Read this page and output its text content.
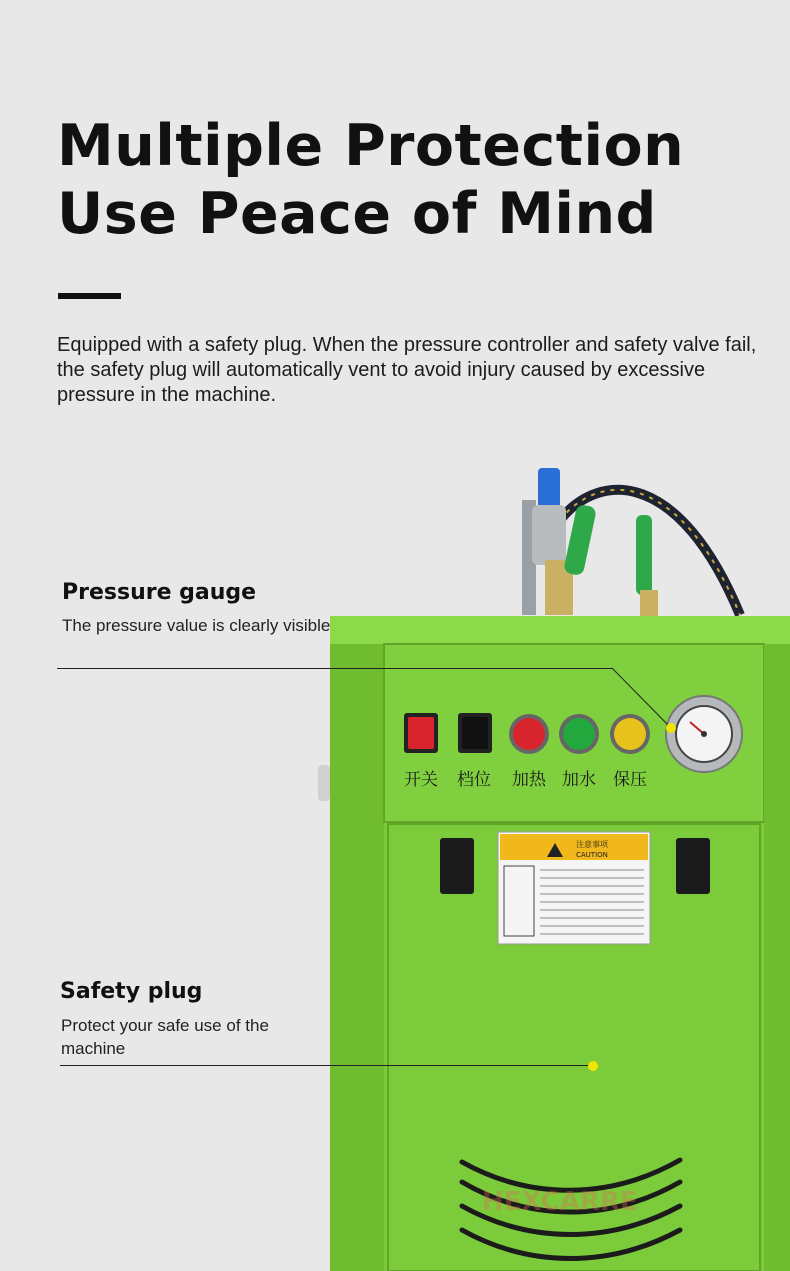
Multiple Protection
Use Peace of Mind
Equipped with a safety plug. When the pressure controller and safety valve fail, the safety plug will automatically vent to avoid injury caused by excessive pressure in the machine.
开关 档位 加热 加水 保压
注意事项
CAUTION
HEXCARRE
Pressure gauge
The pressure value is clearly visible
Safety plug
Protect your safe use of the machine
